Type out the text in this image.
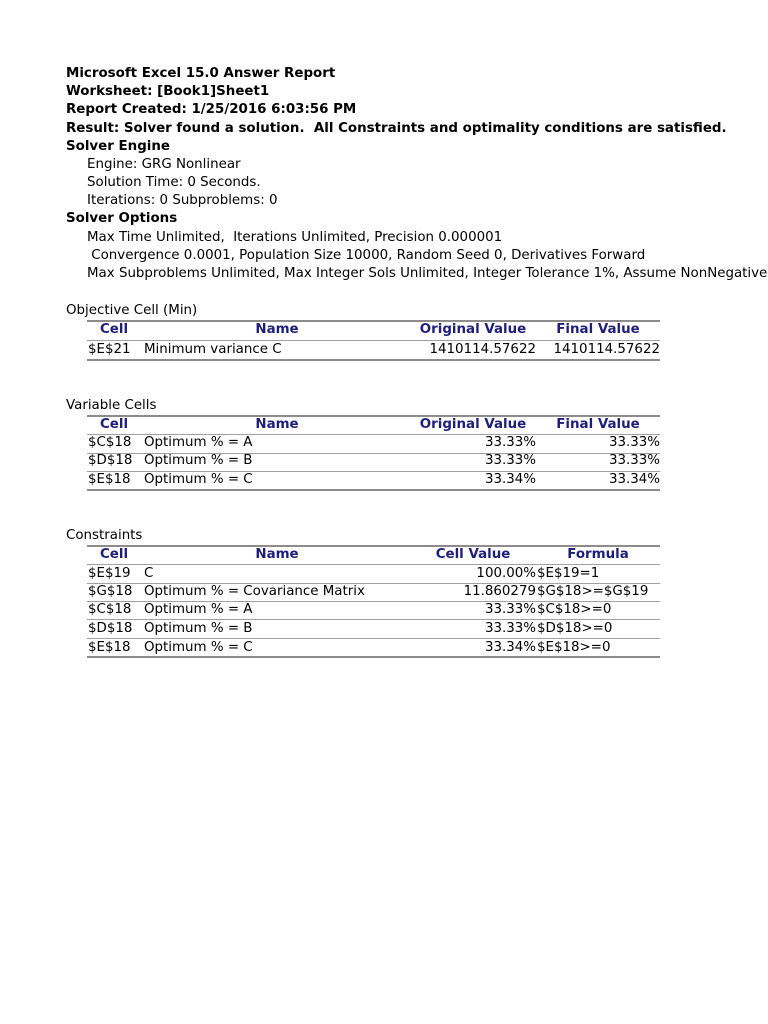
Microsoft Excel 15.0 Answer Report
Worksheet: [Book1]Sheet1
Report Created: 1/25/2016 6:03:56 PM
Result: Solver found a solution.  All Constraints and optimality conditions are satisfied.
Solver Engine
Engine: GRG Nonlinear
Solution Time: 0 Seconds.
Iterations: 0 Subproblems: 0
Solver Options
Max Time Unlimited,  Iterations Unlimited, Precision 0.000001
Convergence 0.0001, Population Size 10000, Random Seed 0, Derivatives Forward
Max Subproblems Unlimited, Max Integer Sols Unlimited, Integer Tolerance 1%, Assume NonNegative
Objective Cell (Min)
Cell	Name	Original Value	Final Value
$E$21	Minimum variance C	1410114.57622	1410114.57622
Variable Cells
Cell	Name	Original Value	Final Value
$C$18 Optimum % = A	33.33%	33.33%
$D$18 Optimum % = B	33.33%	33.33%
$E$18	Optimum % = C	33.34%	33.34%
Constraints
Cell	Name	Cell Value	Formula
$E$19	C	100.00% $E$19=1
$G$18 Optimum % = Covariance Matrix	11.860279 $G$18>=$G$19
$C$18 Optimum % = A	33.33% $C$18>=0
$D$18 Optimum % = B	33.33% $D$18>=0
$E$18	Optimum % = C	33.34% $E$18>=0
